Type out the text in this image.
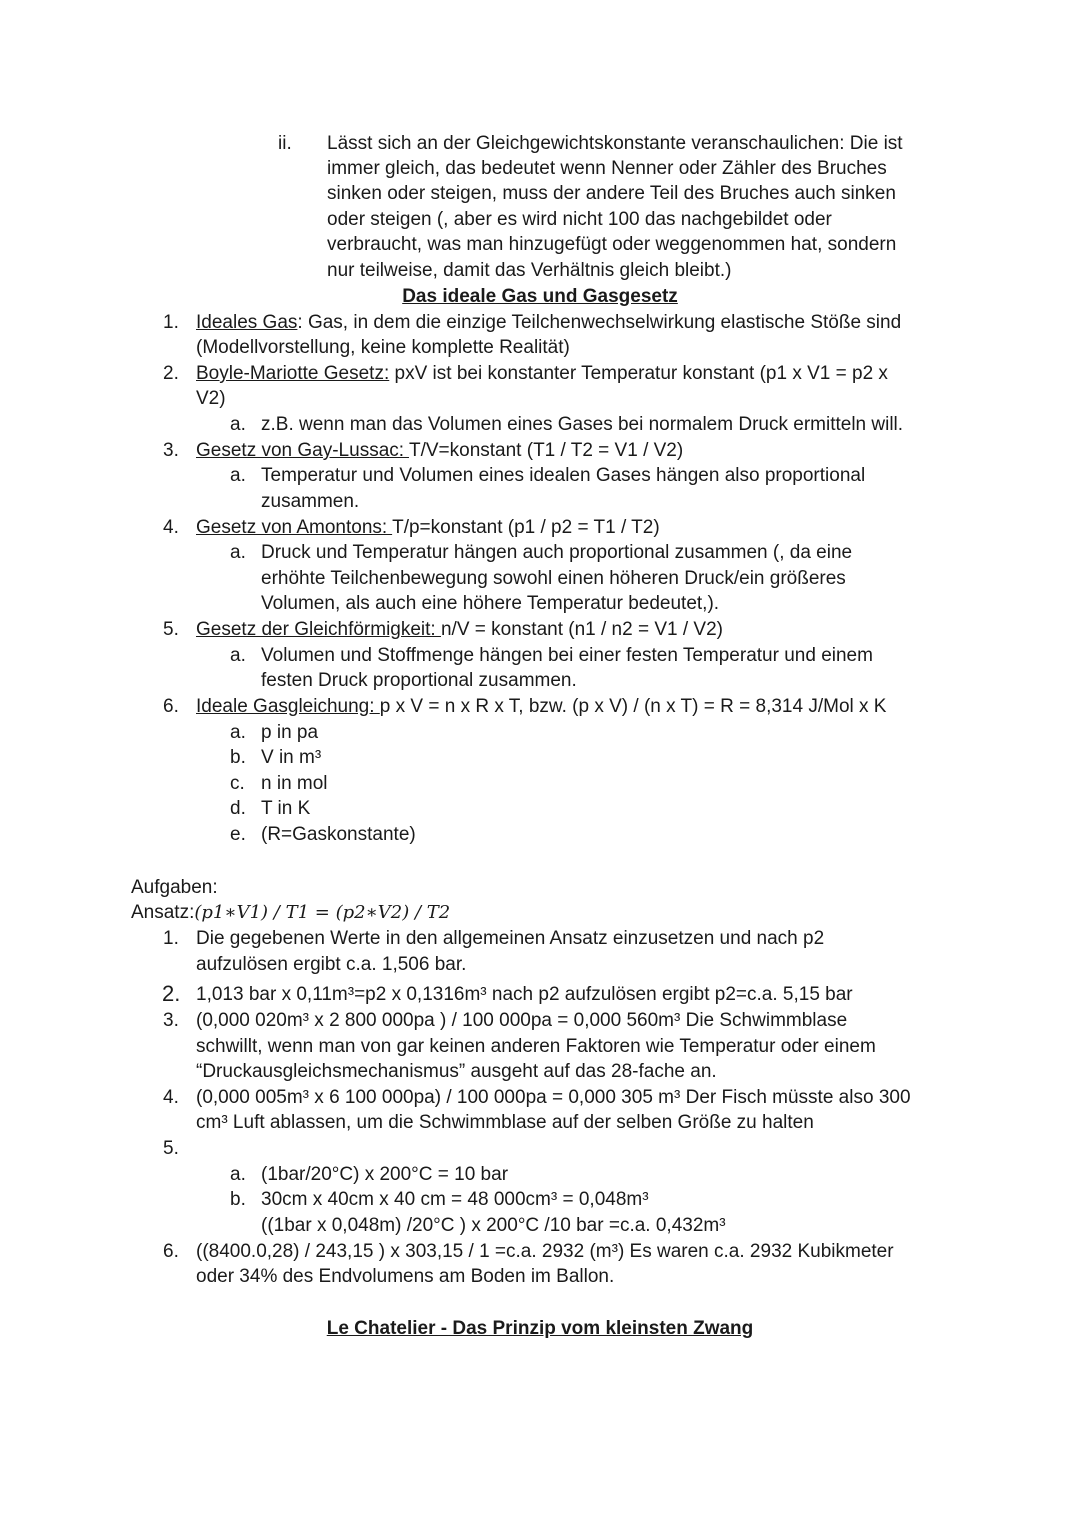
ii. Lässt sich an der Gleichgewichtskonstante veranschaulichen: Die ist
immer gleich, das bedeutet wenn Nenner oder Zähler des Bruches
sinken oder steigen, muss der andere Teil des Bruches auch sinken
oder steigen (, aber es wird nicht 100 das nachgebildet oder
verbraucht, was man hinzugefügt oder weggenommen hat, sondern
nur teilweise, damit das Verhältnis gleich bleibt.)
Das ideale Gas und Gasgesetz
1. Ideales Gas: Gas, in dem die einzige Teilchenwechselwirkung elastische Stöße sind
(Modellvorstellung, keine komplette Realität)
2. Boyle-Mariotte Gesetz: pxV ist bei konstanter Temperatur konstant (p1 x V1 = p2 x
V2)
a. z.B. wenn man das Volumen eines Gases bei normalem Druck ermitteln will.
3. Gesetz von Gay-Lussac: T/V=konstant (T1 / T2 = V1 / V2)
a. Temperatur und Volumen eines idealen Gases hängen also proportional
zusammen.
4. Gesetz von Amontons: T/p=konstant (p1 / p2 = T1 / T2)
a. Druck und Temperatur hängen auch proportional zusammen (, da eine
erhöhte Teilchenbewegung sowohl einen höheren Druck/ein größeres
Volumen, als auch eine höhere Temperatur bedeutet,).
5. Gesetz der Gleichförmigkeit: n/V = konstant (n1 / n2 = V1 / V2)
a. Volumen und Stoffmenge hängen bei einer festen Temperatur und einem
festen Druck proportional zusammen.
6. Ideale Gasgleichung: p x V = n x R x T, bzw. (p x V) / (n x T) = R = 8,314 J/Mol x K
a. p in pa
b. V in m³
c. n in mol
d. T in K
e. (R=Gaskonstante)
Aufgaben:
Ansatz:(p1∗V1) / T1 = (p2∗V2) / T2
1. Die gegebenen Werte in den allgemeinen Ansatz einzusetzen und nach p2
aufzulösen ergibt c.a. 1,506 bar.
2. 1,013 bar x 0,11m³=p2 x 0,1316m³ nach p2 aufzulösen ergibt p2=c.a. 5,15 bar
3. (0,000 020m³ x 2 800 000pa ) / 100 000pa = 0,000 560m³ Die Schwimmblase
schwillt, wenn man von gar keinen anderen Faktoren wie Temperatur oder einem
“Druckausgleichsmechanismus” ausgeht auf das 28-fache an.
4. (0,000 005m³ x 6 100 000pa) / 100 000pa = 0,000 305 m³ Der Fisch müsste also 300
cm³ Luft ablassen, um die Schwimmblase auf der selben Größe zu halten
5.
a. (1bar/20°C) x 200°C = 10 bar
b. 30cm x 40cm x 40 cm = 48 000cm³ = 0,048m³
((1bar x 0,048m) /20°C ) x 200°C /10 bar =c.a. 0,432m³
6. ((8400.0,28) / 243,15 ) x 303,15 / 1 =c.a. 2932 (m³) Es waren c.a. 2932 Kubikmeter
oder 34% des Endvolumens am Boden im Ballon.
Le Chatelier - Das Prinzip vom kleinsten Zwang
